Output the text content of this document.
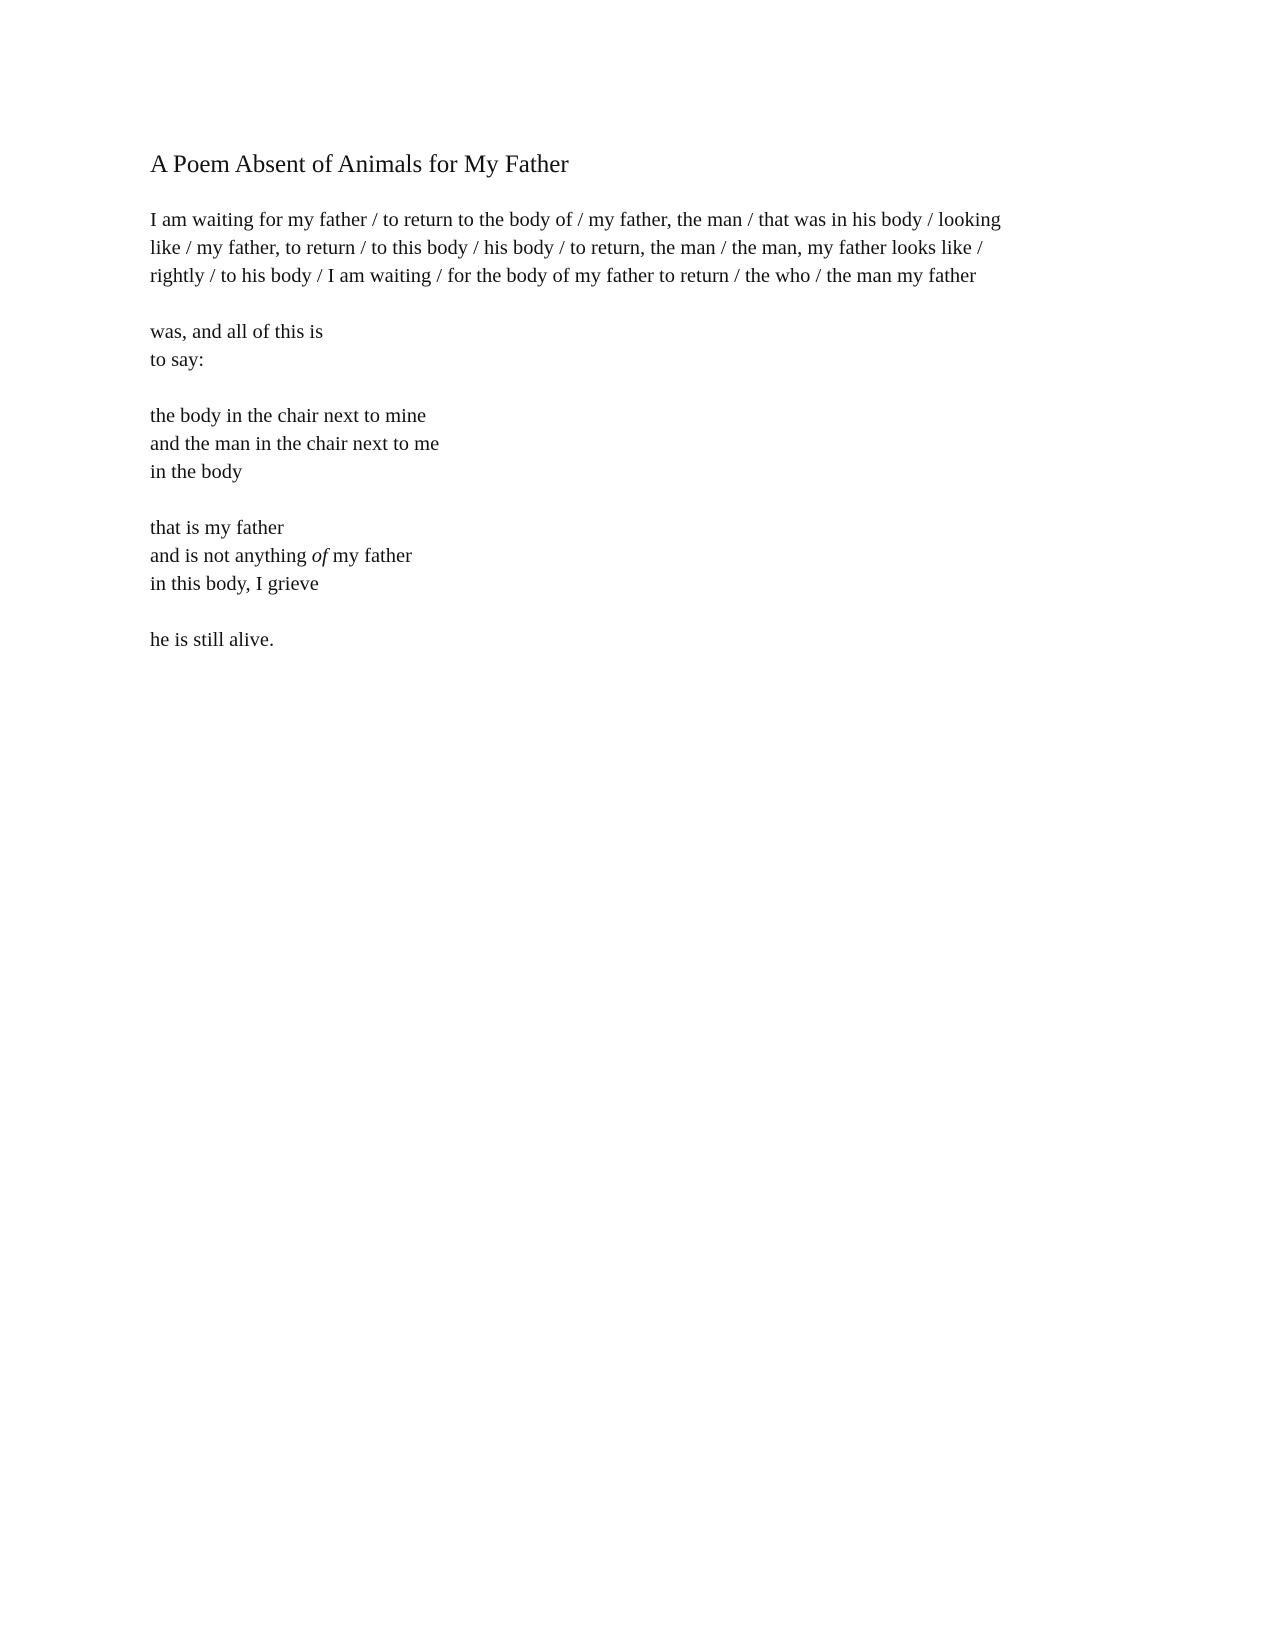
A Poem Absent of Animals for My Father
I am waiting for my father / to return to the body of / my father, the man / that was in his body / looking
like / my father, to return / to this body / his body / to return, the man / the man, my father looks like /
rightly / to his body / I am waiting / for the body of my father to return / the who / the man my father
was, and all of this is
to say:
the body in the chair next to mine
and the man in the chair next to me
in the body
that is my father
and is not anything of my father
in this body, I grieve
he is still alive.
